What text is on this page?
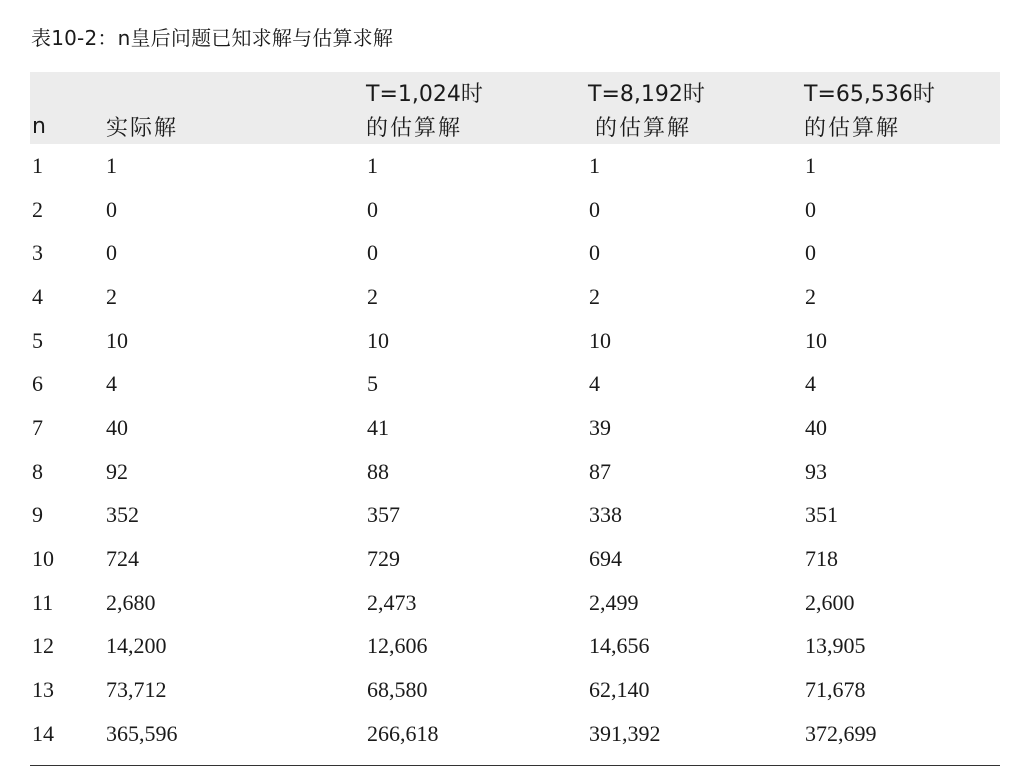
表10-2：n皇后问题已知求解与估算求解
		T=1,024时	T=8,192时	T=65,536时
n	实际解	的估算解	的估算解	的估算解
1	1	1	1	1
2	0	0	0	0
3	0	0	0	0
4	2	2	2	2
5	10	10	10	10
6	4	5	4	4
7	40	41	39	40
8	92	88	87	93
9	352	357	338	351
10	724	729	694	718
11	2,680	2,473	2,499	2,600
12	14,200	12,606	14,656	13,905
13	73,712	68,580	62,140	71,678
14	365,596	266,618	391,392	372,699
